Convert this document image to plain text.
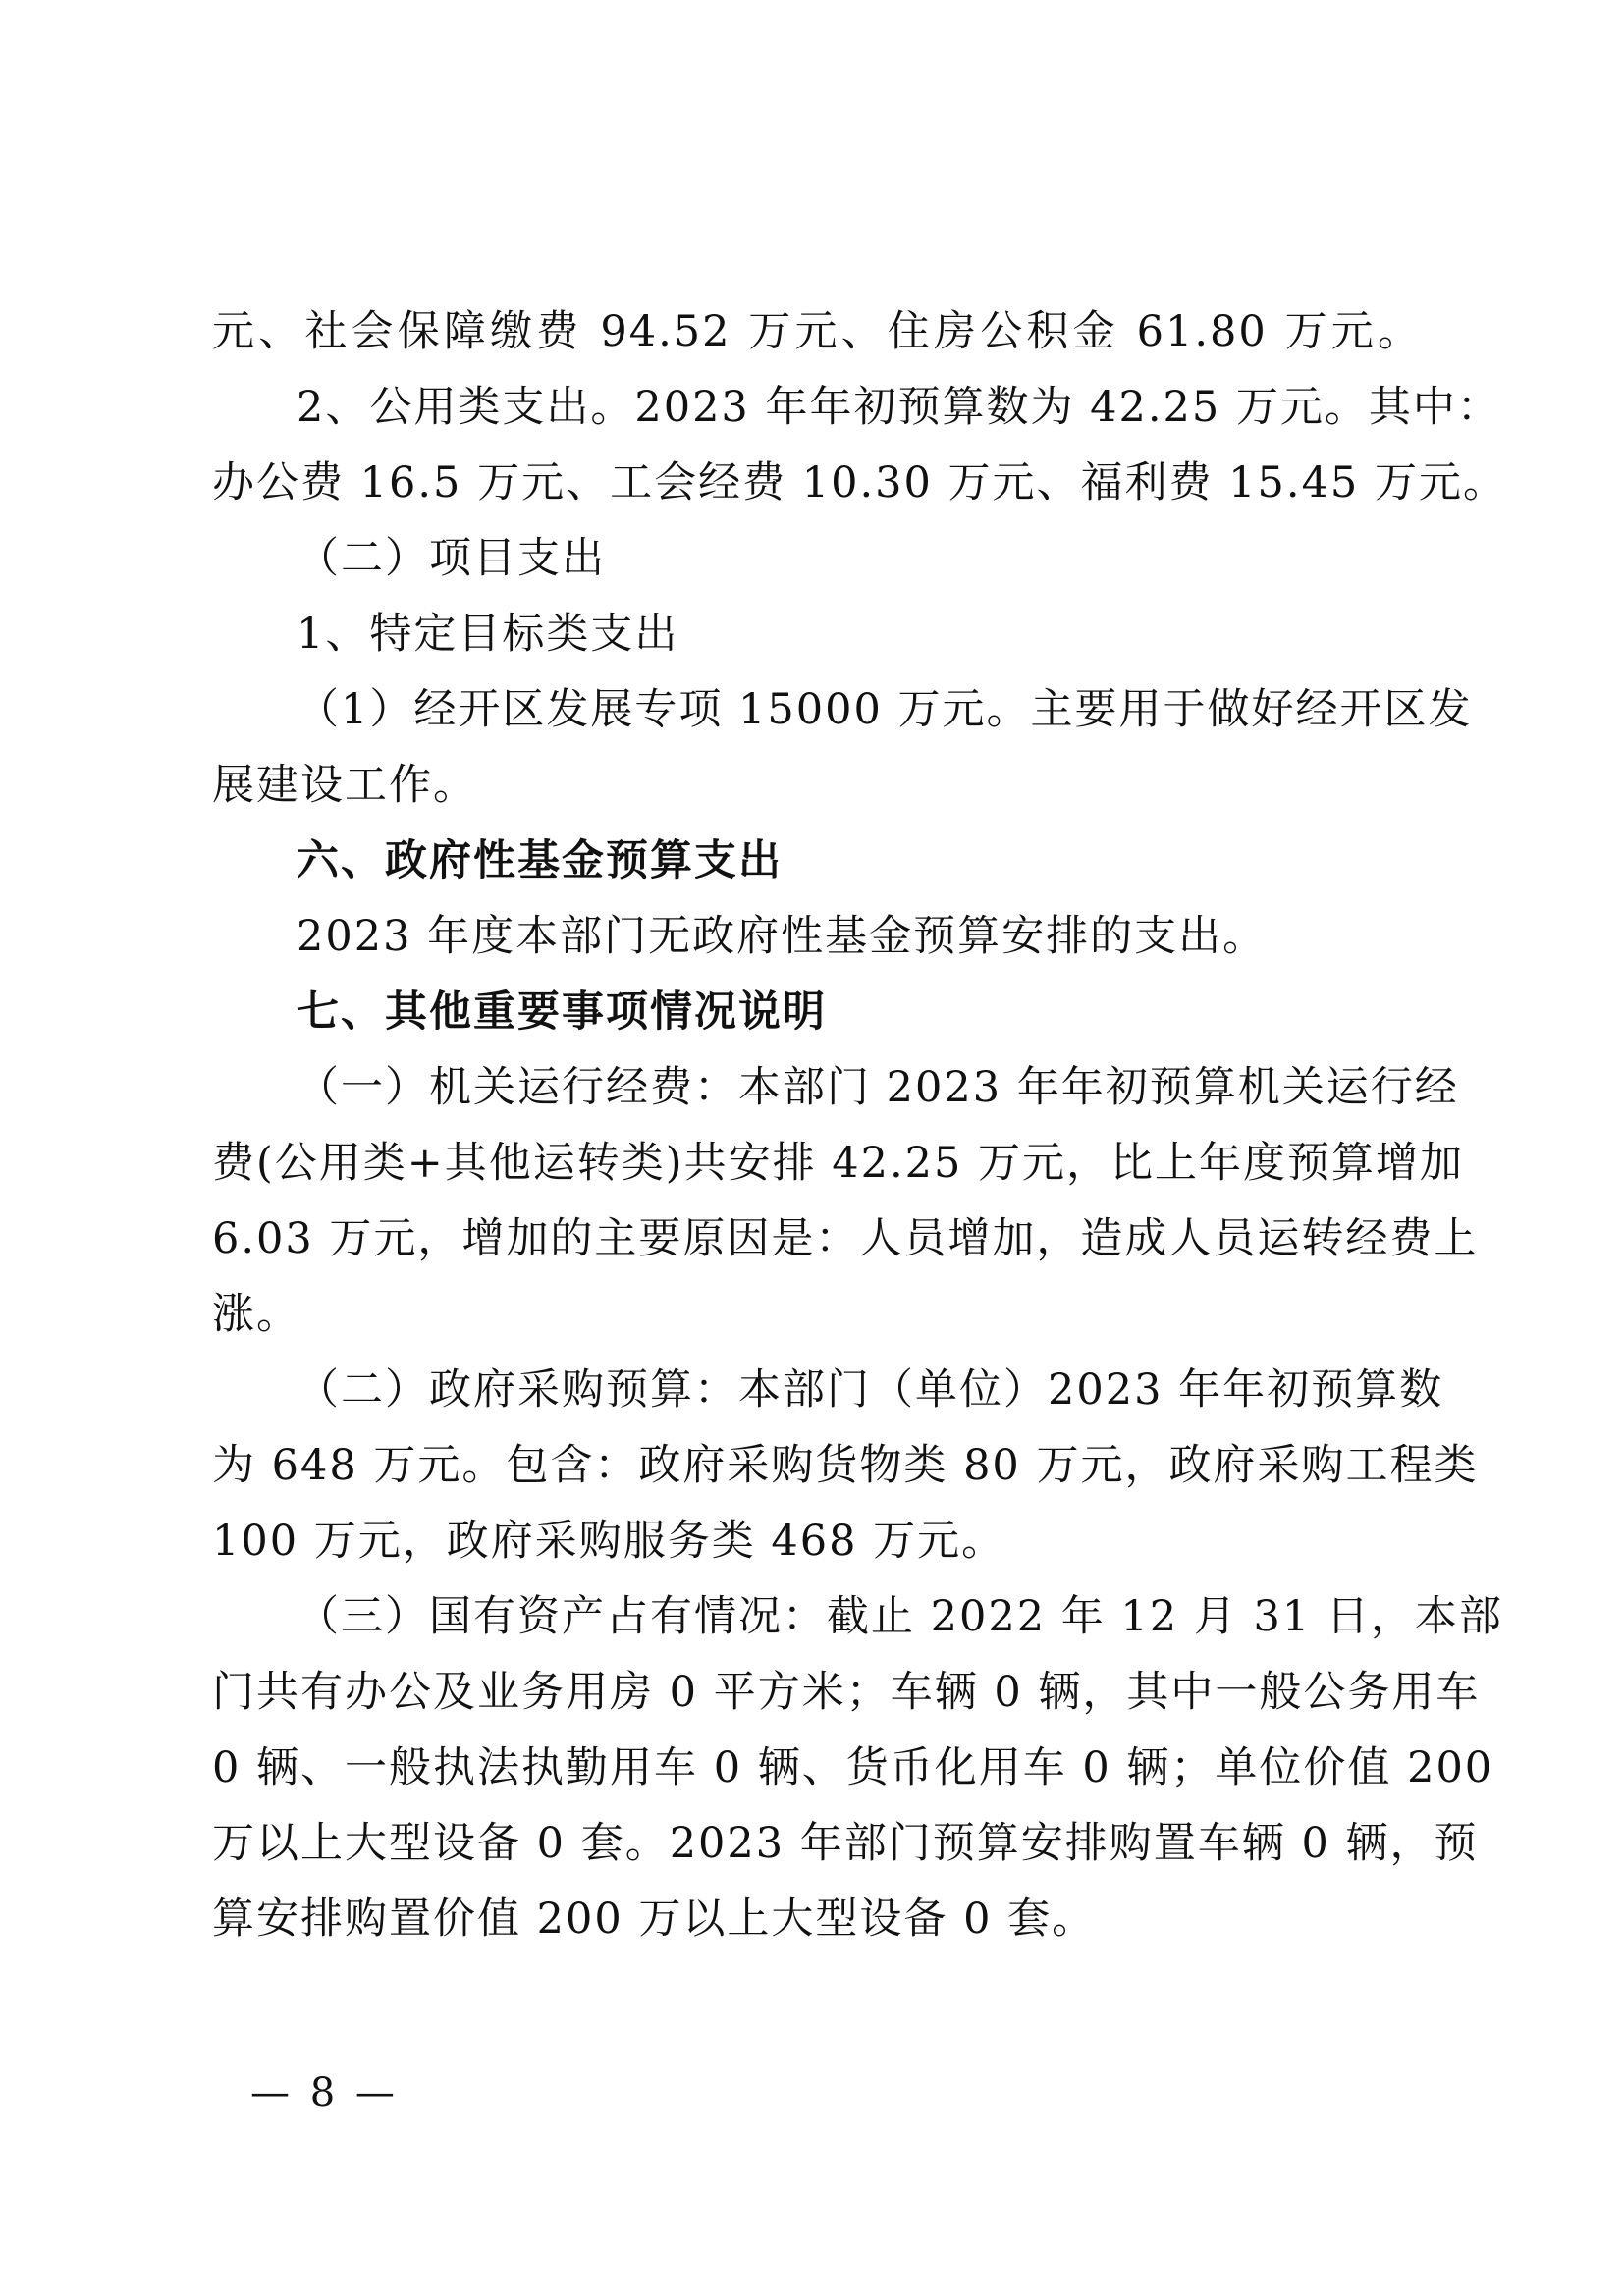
元、社会保障缴费 94.52 万元、住房公积金 61.80 万元。
2、公用类支出。2023 年年初预算数为 42.25 万元。其中：
办公费 16.5 万元、工会经费 10.30 万元、福利费 15.45 万元。
（二）项目支出
1、特定目标类支出
（1）经开区发展专项 15000 万元。主要用于做好经开区发
展建设工作。
六、政府性基金预算支出
2023 年度本部门无政府性基金预算安排的支出。
七、其他重要事项情况说明
（一）机关运行经费：本部门 2023 年年初预算机关运行经
费(公用类+其他运转类)共安排 42.25 万元，比上年度预算增加
6.03 万元，增加的主要原因是：人员增加，造成人员运转经费上
涨。
（二）政府采购预算：本部门（单位）2023 年年初预算数
为 648 万元。包含：政府采购货物类 80 万元，政府采购工程类
100 万元，政府采购服务类 468 万元。
（三）国有资产占有情况：截止 2022 年 12 月 31 日，本部
门共有办公及业务用房 0 平方米；车辆 0 辆，其中一般公务用车
0 辆、一般执法执勤用车 0 辆、货币化用车 0 辆；单位价值 200
万以上大型设备 0 套。2023 年部门预算安排购置车辆 0 辆，预
算安排购置价值 200 万以上大型设备 0 套。
— 8 —
